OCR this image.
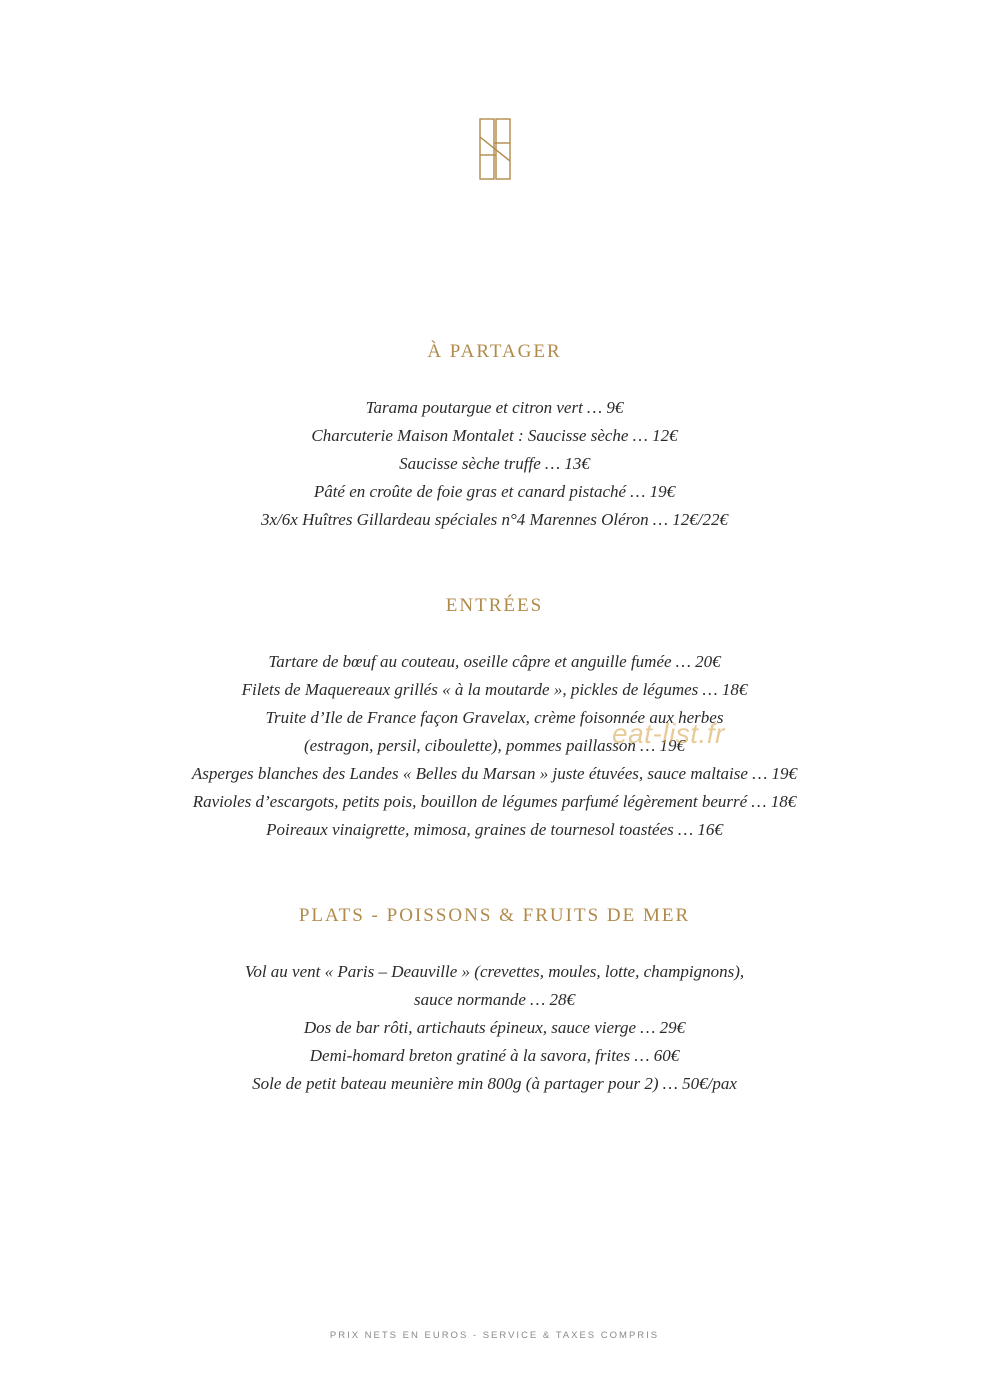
À PARTAGER
Tarama poutargue et citron vert … 9€
Charcuterie Maison Montalet : Saucisse sèche … 12€
Saucisse sèche truffe … 13€
Pâté en croûte de foie gras et canard pistaché … 19€
3x/6x Huîtres Gillardeau spéciales n°4 Marennes Oléron … 12€/22€
ENTRÉES
Tartare de bœuf au couteau, oseille câpre et anguille fumée … 20€
Filets de Maquereaux grillés « à la moutarde », pickles de légumes … 18€
Truite d’Ile de France façon Gravelax, crème foisonnée aux herbes
(estragon, persil, ciboulette), pommes paillasson … 19€
Asperges blanches des Landes « Belles du Marsan » juste étuvées, sauce maltaise … 19€
Ravioles d’escargots, petits pois, bouillon de légumes parfumé légèrement beurré … 18€
Poireaux vinaigrette, mimosa, graines de tournesol toastées … 16€
PLATS - POISSONS & FRUITS DE MER
Vol au vent « Paris – Deauville » (crevettes, moules, lotte, champignons),
sauce normande … 28€
Dos de bar rôti, artichauts épineux, sauce vierge … 29€
Demi-homard breton gratiné à la savora, frites … 60€
Sole de petit bateau meunière min 800g (à partager pour 2) … 50€/pax
eat-list.fr
PRIX NETS EN EUROS - SERVICE & TAXES COMPRIS
